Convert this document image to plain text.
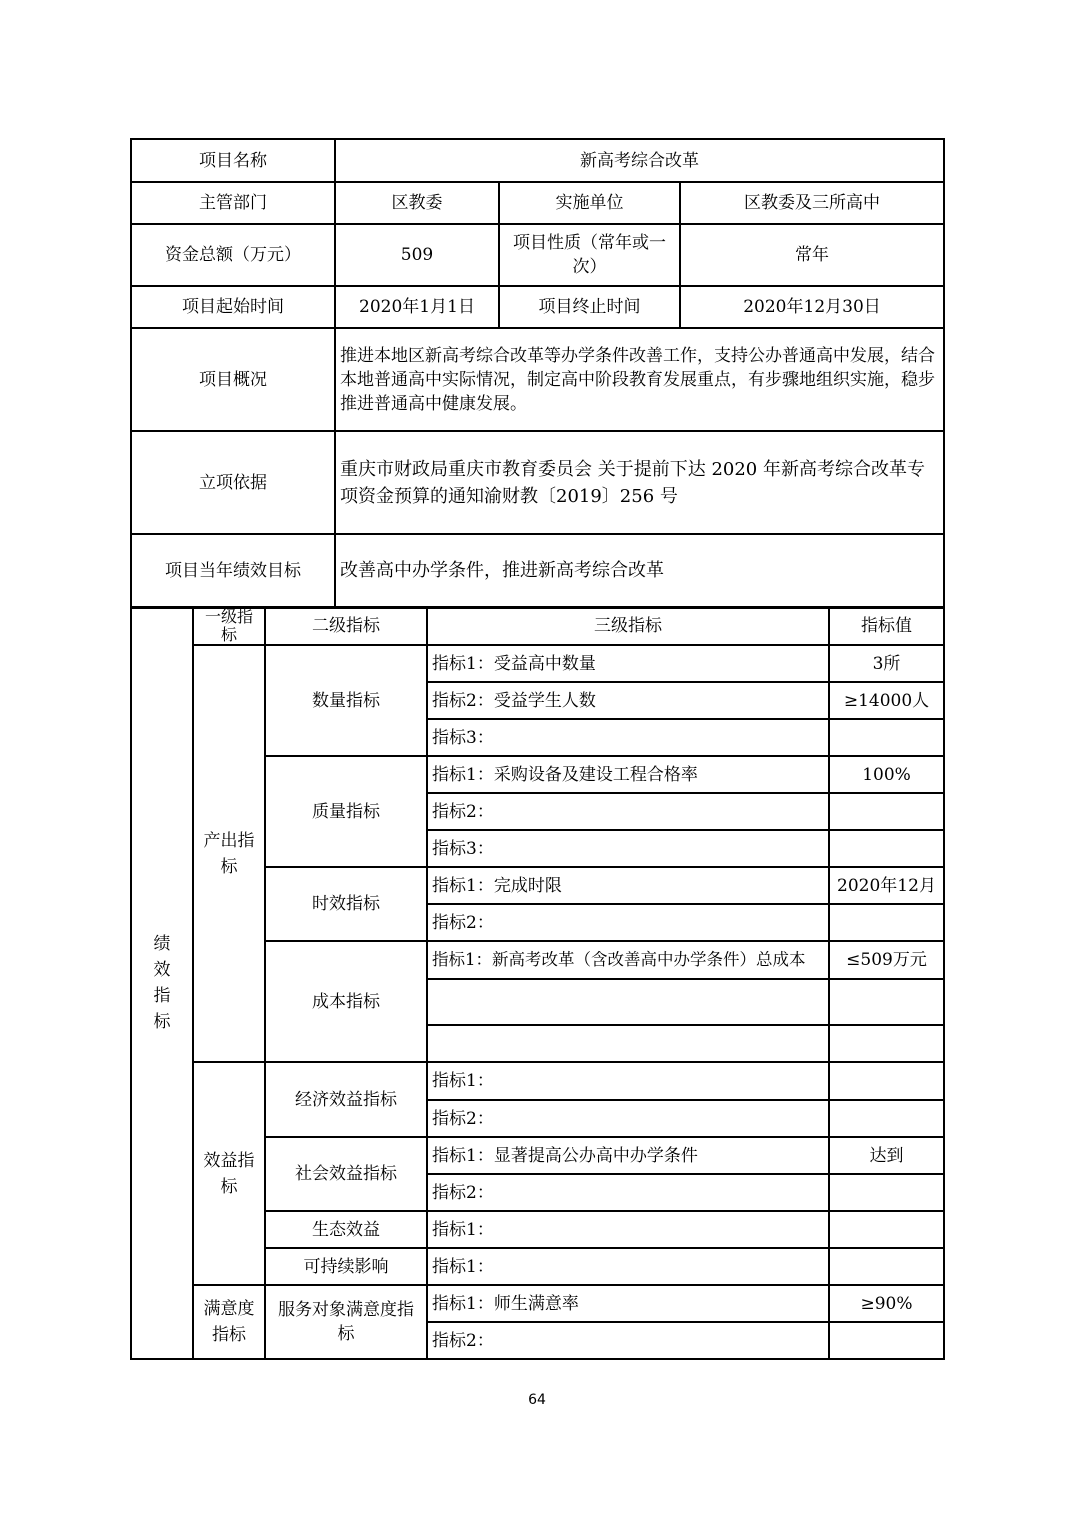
项目名称	新高考综合改革		
主管部门	区教委	实施单位	区教委及三所高中
资金总额（万元）	509	项目性质（常年或一次）	常年
项目起始时间	2020年1月1日	项目终止时间	2020年12月30日
项目概况	推进本地区新高考综合改革等办学条件改善工作，支持公办普通高中发展，结合本地普通高中实际情况，制定高中阶段教育发展重点，有步骤地组织实施，稳步推进普通高中健康发展。		
立项依据	重庆市财政局重庆市教育委员会 关于提前下达 2020 年新高考综合改革专项资金预算的通知渝财教〔2019〕256 号		
项目当年绩效目标	改善高中办学条件，推进新高考综合改革		
绩效指标	一级指标	二级指标	三级指标	指标值
	产出指标	数量指标	指标1：受益高中数量	3所
			指标2：受益学生人数	≥14000人
			指标3：	
		质量指标	指标1：采购设备及建设工程合格率	100%
			指标2：	
			指标3：	
		时效指标	指标1：完成时限	2020年12月
			指标2：	
		成本指标	指标1：新高考改革（含改善高中办学条件）总成本	≤509万元

	效益指标	经济效益指标	指标1：	
			指标2：	
		社会效益指标	指标1：显著提高公办高中办学条件	达到
			指标2：	
		生态效益	指标1：	
		可持续影响	指标1：	
	满意度指标	服务对象满意度指标	指标1：师生满意率	≥90%
			指标2：	
64
